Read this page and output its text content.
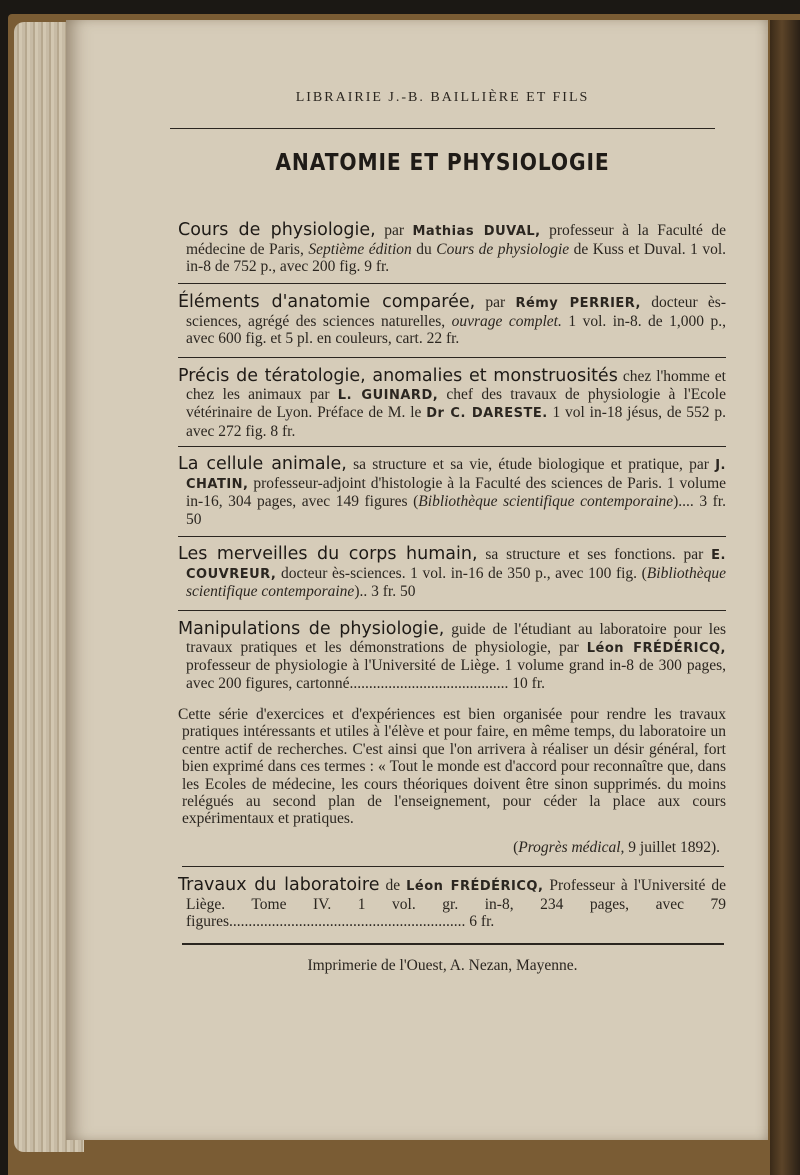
LIBRAIRIE J.-B. BAILLIÈRE ET FILS
ANATOMIE ET PHYSIOLOGIE
Cours de physiologie, par Mathias DUVAL, professeur à la Faculté de médecine de Paris, Septième édition du Cours de physiologie de Kuss et Duval. 1 vol. in-8 de 752 p., avec 200 fig. 9 fr.
Éléments d'anatomie comparée, par Rémy PERRIER, docteur ès-sciences, agrégé des sciences naturelles, ouvrage complet. 1 vol. in-8. de 1,000 p., avec 600 fig. et 5 pl. en couleurs, cart. 22 fr.
Précis de tératologie, anomalies et monstruosités chez l'homme et chez les animaux par L. GUINARD, chef des travaux de physiologie à l'Ecole vétérinaire de Lyon. Préface de M. le Dr C. DARESTE. 1 vol in-18 jésus, de 552 p. avec 272 fig. 8 fr.
La cellule animale, sa structure et sa vie, étude biologique et pratique, par J. CHATIN, professeur-adjoint d'histologie à la Faculté des sciences de Paris. 1 volume in-16, 304 pages, avec 149 figures (Bibliothèque scientifique contemporaine).... 3 fr. 50
Les merveilles du corps humain, sa structure et ses fonctions. par E. COUVREUR, docteur ès-sciences. 1 vol. in-16 de 350 p., avec 100 fig. (Bibliothèque scientifique contemporaine).. 3 fr. 50
Manipulations de physiologie, guide de l'étudiant au laboratoire pour les travaux pratiques et les démonstrations de physiologie, par Léon FRÉDÉRICQ, professeur de physiologie à l'Université de Liège. 1 volume grand in-8 de 300 pages, avec 200 figures, cartonné......................................... 10 fr.
Cette série d'exercices et d'expériences est bien organisée pour rendre les travaux pratiques intéressants et utiles à l'élève et pour faire, en même temps, du laboratoire un centre actif de recherches. C'est ainsi que l'on arrivera à réaliser un désir général, fort bien exprimé dans ces termes : « Tout le monde est d'accord pour reconnaître que, dans les Ecoles de médecine, les cours théoriques doivent être sinon supprimés. du moins relégués au second plan de l'enseignement, pour céder la place aux cours expérimentaux et pratiques.
(Progrès médical, 9 juillet 1892).
Travaux du laboratoire de Léon FRÉDÉRICQ, Professeur à l'Université de Liège. Tome IV. 1 vol. gr. in-8, 234 pages, avec 79 figures............................................................. 6 fr.
Imprimerie de l'Ouest, A. Nezan, Mayenne.
